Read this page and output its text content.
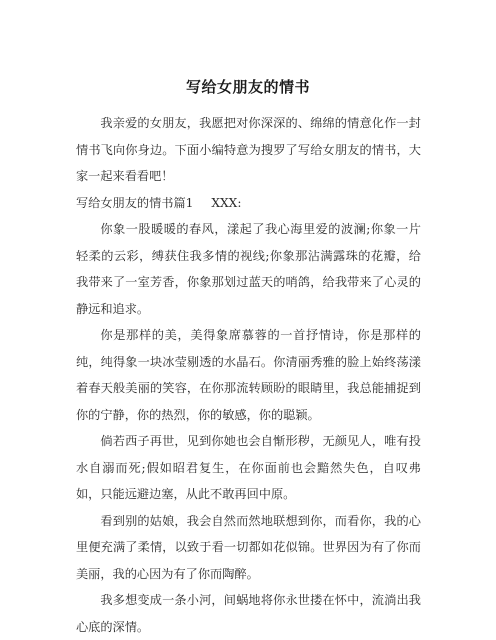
写给女朋友的情书

我亲爱的女朋友，我愿把对你深深的、绵绵的情意化作一封情书飞向你身边。下面小编特意为搜罗了写给女朋友的情书，大家一起来看看吧！

写给女朋友的情书篇1 XXX:

你象一股暖暖的春风，漾起了我心海里爱的波澜;你象一片轻柔的云彩，缚获住我多情的视线;你象那沾满露珠的花瓣，给我带来了一室芳香，你象那划过蓝天的哨鸽，给我带来了心灵的静远和追求。

你是那样的美，美得象席慕蓉的一首抒情诗，你是那样的纯，纯得象一块冰莹剔透的水晶石。你清丽秀雅的脸上始终荡漾着春天般美丽的笑容，在你那流转顾盼的眼睛里，我总能捕捉到你的宁静，你的热烈，你的敏感，你的聪颖。

倘若西子再世，见到你她也会自惭形秽，无颜见人，唯有投水自溺而死;假如昭君复生，在你面前也会黯然失色，自叹弗如，只能远避边塞，从此不敢再回中原。

看到别的姑娘，我会自然而然地联想到你，而看你，我的心里便充满了柔情，以致于看一切都如花似锦。世界因为有了你而美丽，我的心因为有了你而陶醉。

我多想变成一条小河，间蜗地将你永世搂在怀中，流淌出我心底的深情。
